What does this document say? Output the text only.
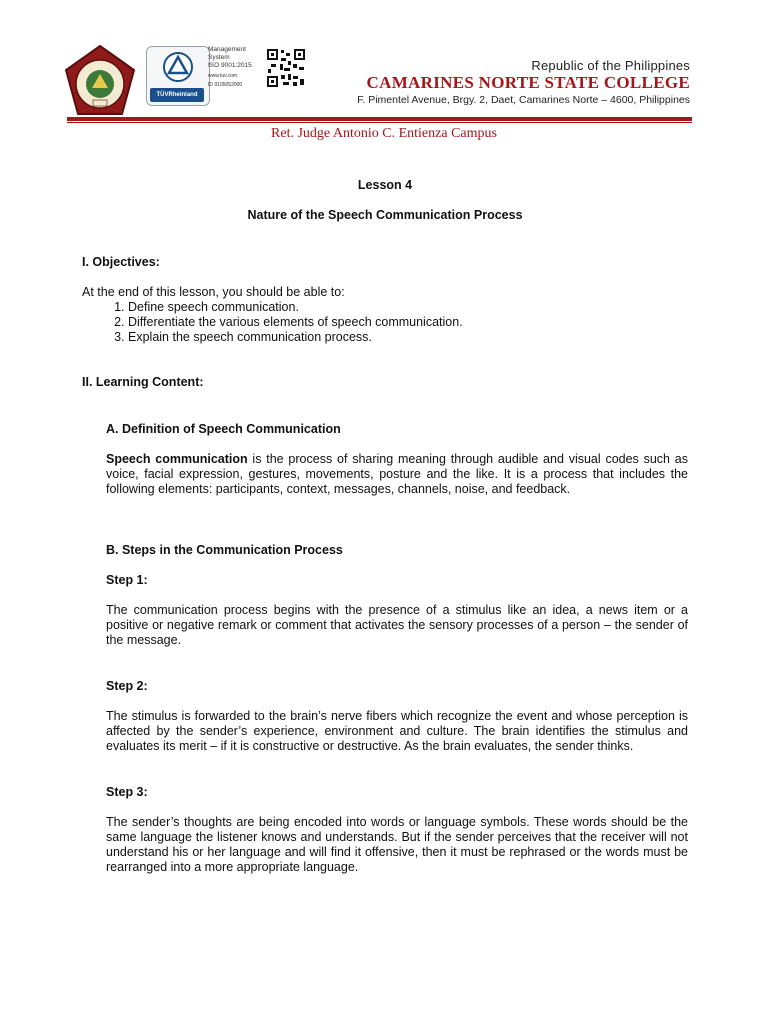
TÜVRheinland
Management
System
ISO 9001:2015
www.tuv.com
ID 9105052000
Republic of the Philippines
CAMARINES NORTE STATE COLLEGE
F. Pimentel Avenue, Brgy. 2, Daet, Camarines Norte – 4600, Philippines
Ret. Judge Antonio C. Entienza Campus

Lesson 4

Nature of the Speech Communication Process

I. Objectives:

At the end of this lesson, you should be able to:

1. Define speech communication.
2. Differentiate the various elements of speech communication.
3. Explain the speech communication process.

II. Learning Content:

A. Definition of Speech Communication

Speech communication is the process of sharing meaning through audible and visual codes such as voice, facial expression, gestures, movements, posture and the like. It is a process that includes the following elements: participants, context, messages, channels, noise, and feedback.

B. Steps in the Communication Process

Step 1:

The communication process begins with the presence of a stimulus like an idea, a news item or a positive or negative remark or comment that activates the sensory processes of a person – the sender of the message.

Step 2:

The stimulus is forwarded to the brain’s nerve fibers which recognize the event and whose perception is affected by the sender’s experience, environment and culture. The brain identifies the stimulus and evaluates its merit – if it is constructive or destructive. As the brain evaluates, the sender thinks.

Step 3:

The sender’s thoughts are being encoded into words or language symbols. These words should be the same language the listener knows and understands. But if the sender perceives that the receiver will not understand his or her language and will find it offensive, then it must be rephrased or the words must be rearranged into a more appropriate language.
